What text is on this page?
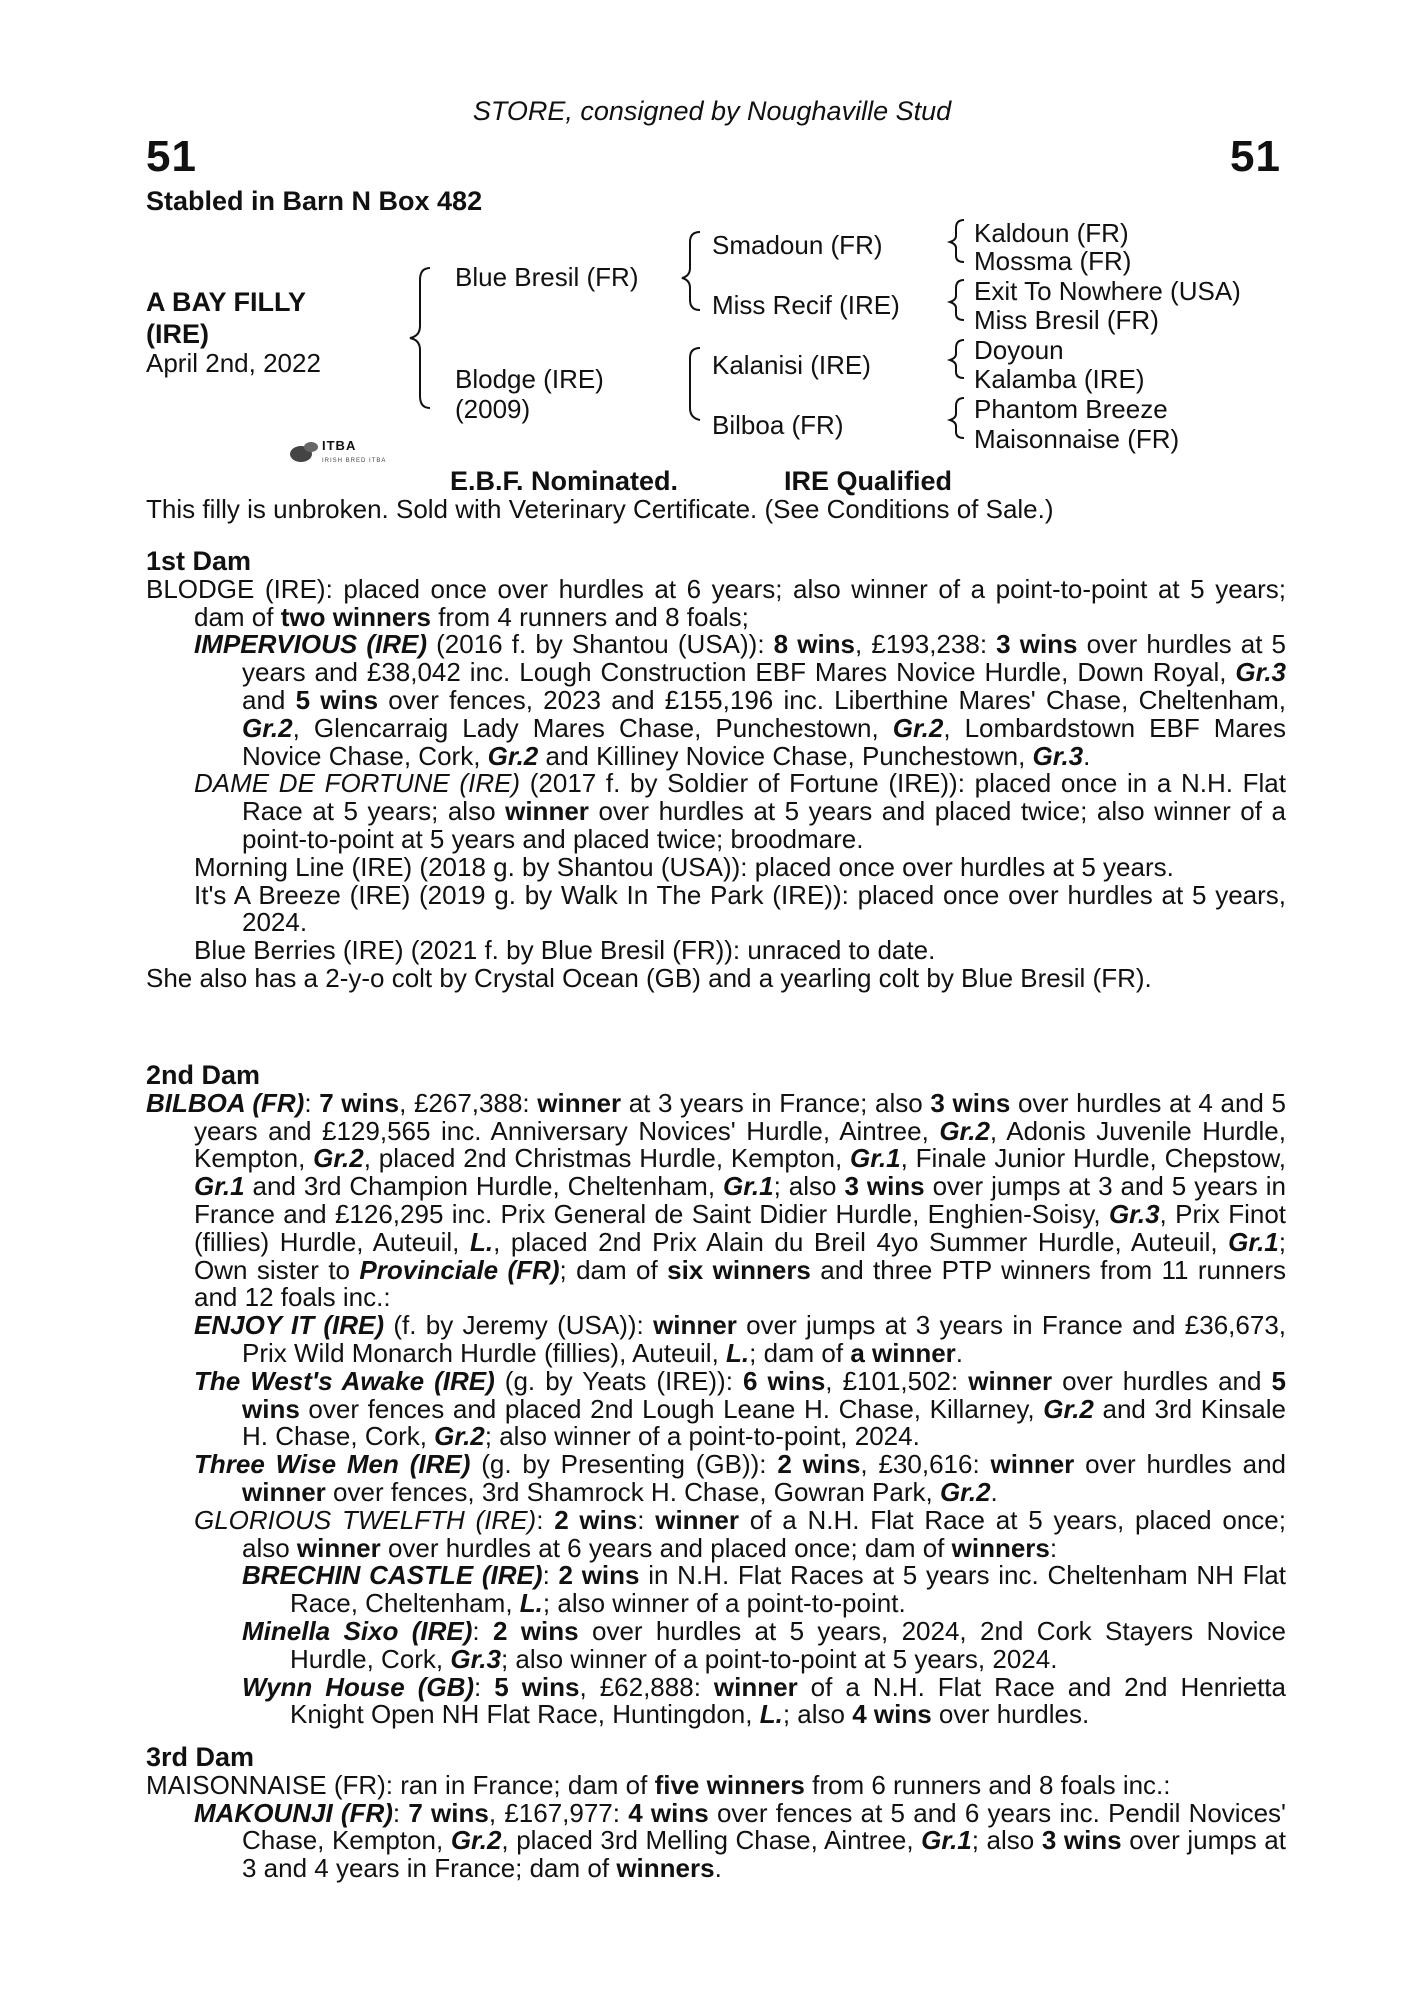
STORE, consigned by Noughaville Stud
51	51
Stabled in Barn N Box 482
A BAY FILLY
(IRE)
April 2nd, 2022
Blue Bresil (FR)
Blodge (IRE)
(2009)
Smadoun (FR)
Miss Recif (IRE)
Kalanisi (IRE)
Bilboa (FR)
Kaldoun (FR)
Mossma (FR)
Exit To Nowhere (USA)
Miss Bresil (FR)
Doyoun
Kalamba (IRE)
Phantom Breeze
Maisonnaise (FR)
ITBA
IRISH BRED ITBA
E.B.F. Nominated.	IRE Qualified
This filly is unbroken. Sold with Veterinary Certificate. (See Conditions of Sale.)
1st Dam
BLODGE (IRE): placed once over hurdles at 6 years; also winner of a point-to-point at 5 years; dam of two winners from 4 runners and 8 foals;
IMPERVIOUS (IRE) (2016 f. by Shantou (USA)): 8 wins, £193,238: 3 wins over hurdles at 5 years and £38,042 inc. Lough Construction EBF Mares Novice Hurdle, Down Royal, Gr.3 and 5 wins over fences, 2023 and £155,196 inc. Liberthine Mares' Chase, Cheltenham, Gr.2, Glencarraig Lady Mares Chase, Punchestown, Gr.2, Lombardstown EBF Mares Novice Chase, Cork, Gr.2 and Killiney Novice Chase, Punchestown, Gr.3.
DAME DE FORTUNE (IRE) (2017 f. by Soldier of Fortune (IRE)): placed once in a N.H. Flat Race at 5 years; also winner over hurdles at 5 years and placed twice; also winner of a point-to-point at 5 years and placed twice; broodmare.
Morning Line (IRE) (2018 g. by Shantou (USA)): placed once over hurdles at 5 years.
It's A Breeze (IRE) (2019 g. by Walk In The Park (IRE)): placed once over hurdles at 5 years, 2024.
Blue Berries (IRE) (2021 f. by Blue Bresil (FR)): unraced to date.
She also has a 2-y-o colt by Crystal Ocean (GB) and a yearling colt by Blue Bresil (FR).
2nd Dam
BILBOA (FR): 7 wins, £267,388: winner at 3 years in France; also 3 wins over hurdles at 4 and 5 years and £129,565 inc. Anniversary Novices' Hurdle, Aintree, Gr.2, Adonis Juvenile Hurdle, Kempton, Gr.2, placed 2nd Christmas Hurdle, Kempton, Gr.1, Finale Junior Hurdle, Chepstow, Gr.1 and 3rd Champion Hurdle, Cheltenham, Gr.1; also 3 wins over jumps at 3 and 5 years in France and £126,295 inc. Prix General de Saint Didier Hurdle, Enghien-Soisy, Gr.3, Prix Finot (fillies) Hurdle, Auteuil, L., placed 2nd Prix Alain du Breil 4yo Summer Hurdle, Auteuil, Gr.1; Own sister to Provinciale (FR); dam of six winners and three PTP winners from 11 runners and 12 foals inc.:
ENJOY IT (IRE) (f. by Jeremy (USA)): winner over jumps at 3 years in France and £36,673, Prix Wild Monarch Hurdle (fillies), Auteuil, L.; dam of a winner.
The West's Awake (IRE) (g. by Yeats (IRE)): 6 wins, £101,502: winner over hurdles and 5 wins over fences and placed 2nd Lough Leane H. Chase, Killarney, Gr.2 and 3rd Kinsale H. Chase, Cork, Gr.2; also winner of a point-to-point, 2024.
Three Wise Men (IRE) (g. by Presenting (GB)): 2 wins, £30,616: winner over hurdles and winner over fences, 3rd Shamrock H. Chase, Gowran Park, Gr.2.
GLORIOUS TWELFTH (IRE): 2 wins: winner of a N.H. Flat Race at 5 years, placed once; also winner over hurdles at 6 years and placed once; dam of winners:
BRECHIN CASTLE (IRE): 2 wins in N.H. Flat Races at 5 years inc. Cheltenham NH Flat Race, Cheltenham, L.; also winner of a point-to-point.
Minella Sixo (IRE): 2 wins over hurdles at 5 years, 2024, 2nd Cork Stayers Novice Hurdle, Cork, Gr.3; also winner of a point-to-point at 5 years, 2024.
Wynn House (GB): 5 wins, £62,888: winner of a N.H. Flat Race and 2nd Henrietta Knight Open NH Flat Race, Huntingdon, L.; also 4 wins over hurdles.
3rd Dam
MAISONNAISE (FR): ran in France; dam of five winners from 6 runners and 8 foals inc.:
MAKOUNJI (FR): 7 wins, £167,977: 4 wins over fences at 5 and 6 years inc. Pendil Novices' Chase, Kempton, Gr.2, placed 3rd Melling Chase, Aintree, Gr.1; also 3 wins over jumps at 3 and 4 years in France; dam of winners.
